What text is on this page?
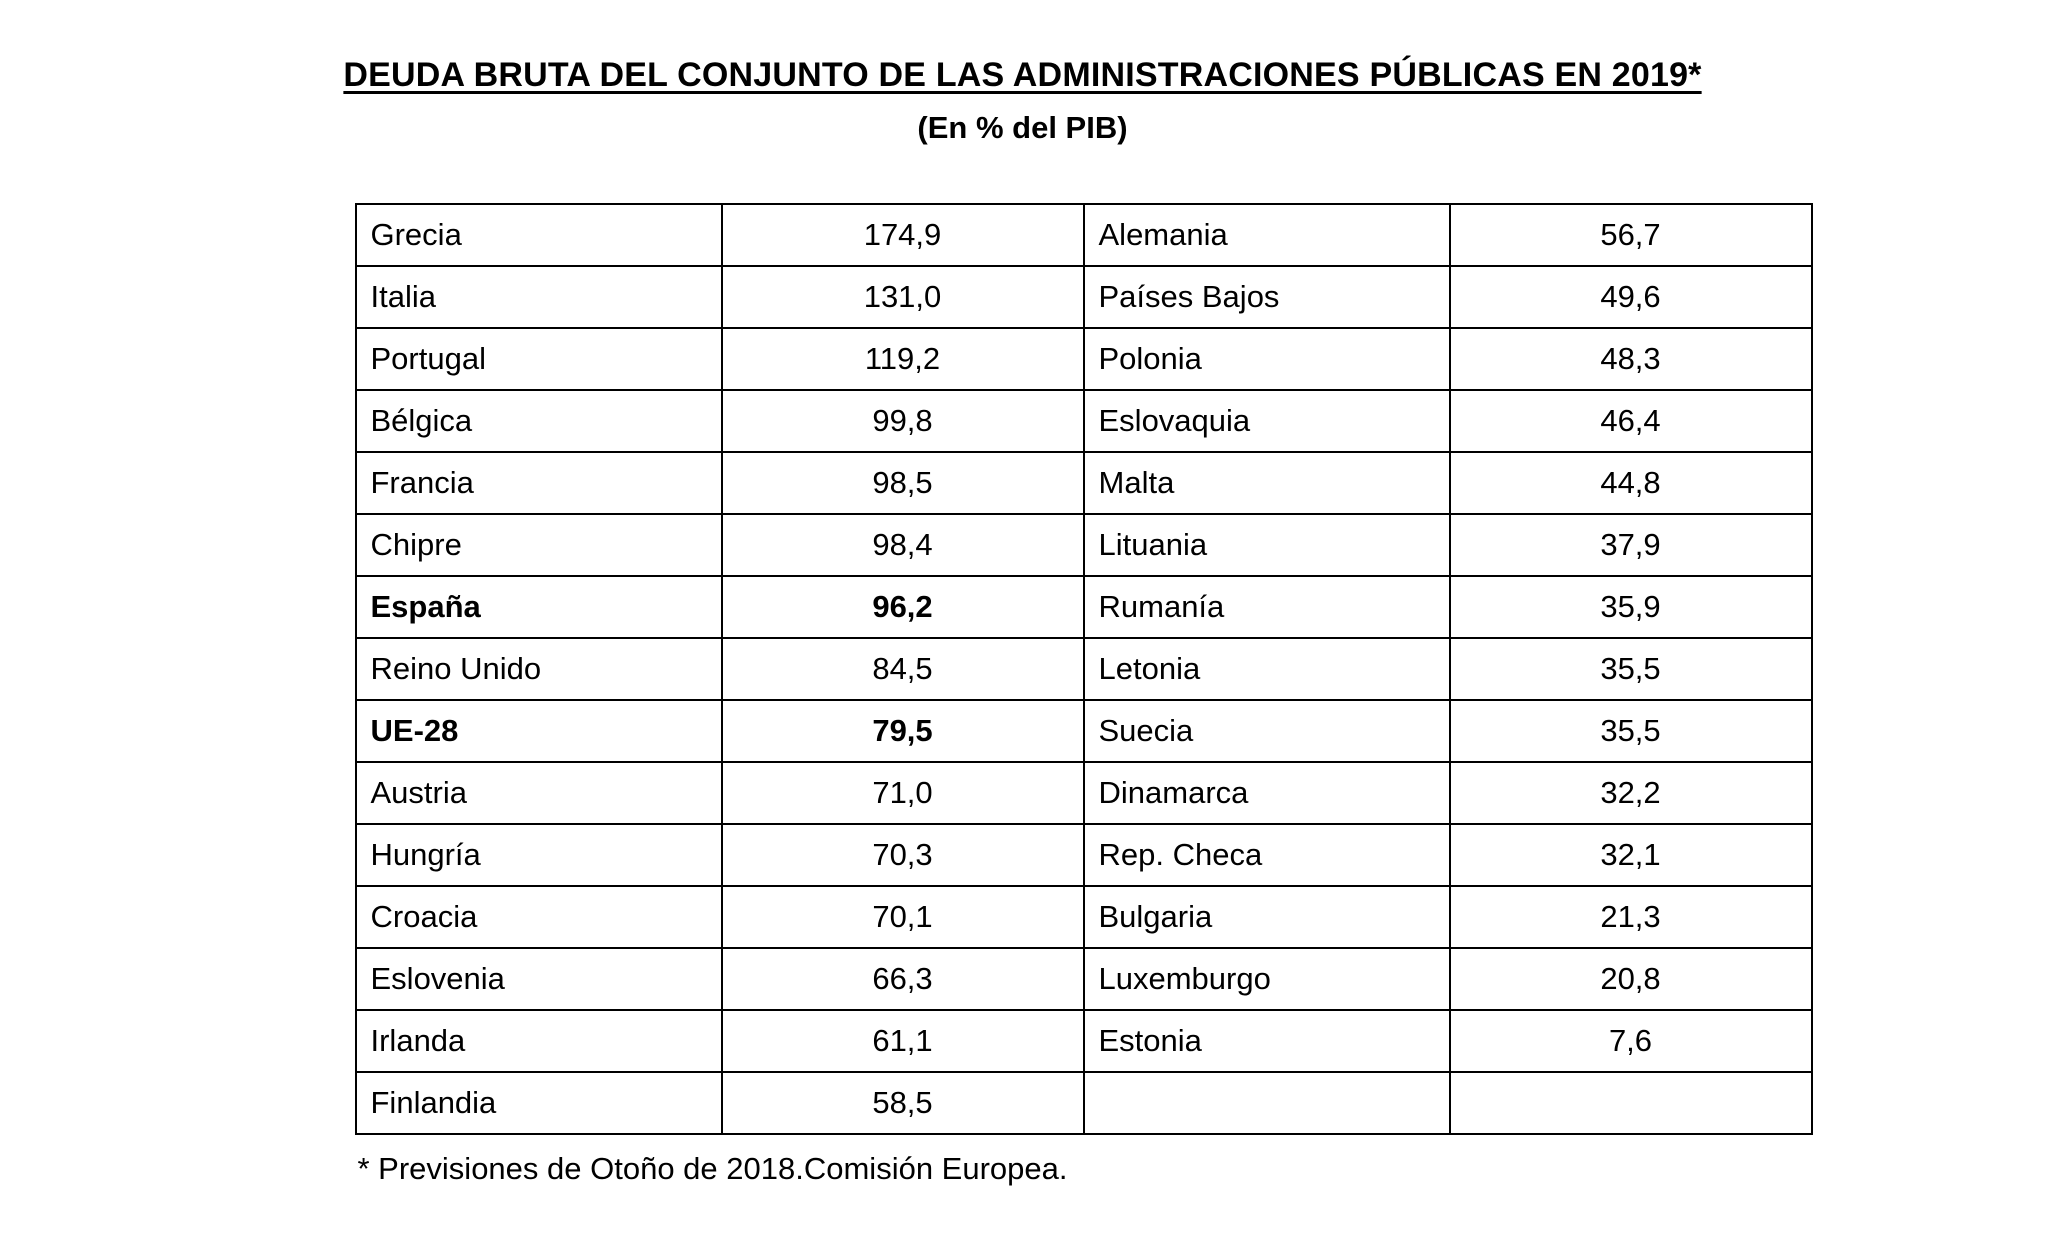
DEUDA BRUTA DEL CONJUNTO DE LAS ADMINISTRACIONES PÚBLICAS EN 2019*
(En % del PIB)
Grecia	174,9	Alemania	56,7
Italia	131,0	Países Bajos	49,6
Portugal	119,2	Polonia	48,3
Bélgica	99,8	Eslovaquia	46,4
Francia	98,5	Malta	44,8
Chipre	98,4	Lituania	37,9
España	96,2	Rumanía	35,9
Reino Unido	84,5	Letonia	35,5
UE-28	79,5	Suecia	35,5
Austria	71,0	Dinamarca	32,2
Hungría	70,3	Rep. Checa	32,1
Croacia	70,1	Bulgaria	21,3
Eslovenia	66,3	Luxemburgo	20,8
Irlanda	61,1	Estonia	7,6
Finlandia	58,5		
* Previsiones de Otoño de 2018.Comisión Europea.
